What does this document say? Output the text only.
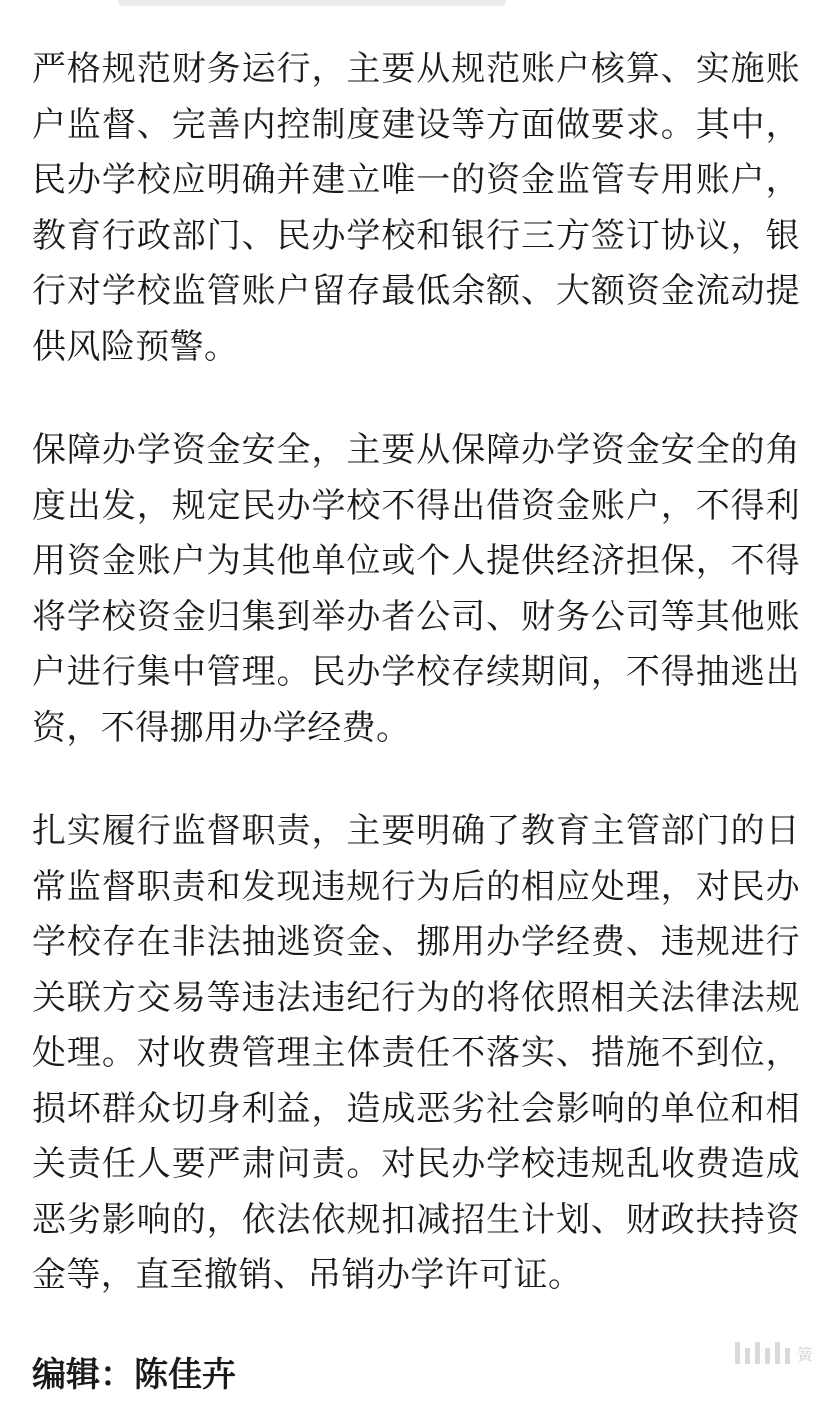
严格规范财务运行，主要从规范账户核算、实施账户监督、完善内控制度建设等方面做要求。其中，民办学校应明确并建立唯一的资金监管专用账户，教育行政部门、民办学校和银行三方签订协议，银行对学校监管账户留存最低余额、大额资金流动提供风险预警。

保障办学资金安全，主要从保障办学资金安全的角度出发，规定民办学校不得出借资金账户，不得利用资金账户为其他单位或个人提供经济担保，不得将学校资金归集到举办者公司、财务公司等其他账户进行集中管理。民办学校存续期间，不得抽逃出资，不得挪用办学经费。

扎实履行监督职责，主要明确了教育主管部门的日常监督职责和发现违规行为后的相应处理，对民办学校存在非法抽逃资金、挪用办学经费、违规进行关联方交易等违法违纪行为的将依照相关法律法规处理。对收费管理主体责任不落实、措施不到位，损坏群众切身利益，造成恶劣社会影响的单位和相关责任人要严肃问责。对民办学校违规乱收费造成恶劣影响的，依法依规扣减招生计划、财政扶持资金等，直至撤销、吊销办学许可证。

编辑：陈佳卉	簧
